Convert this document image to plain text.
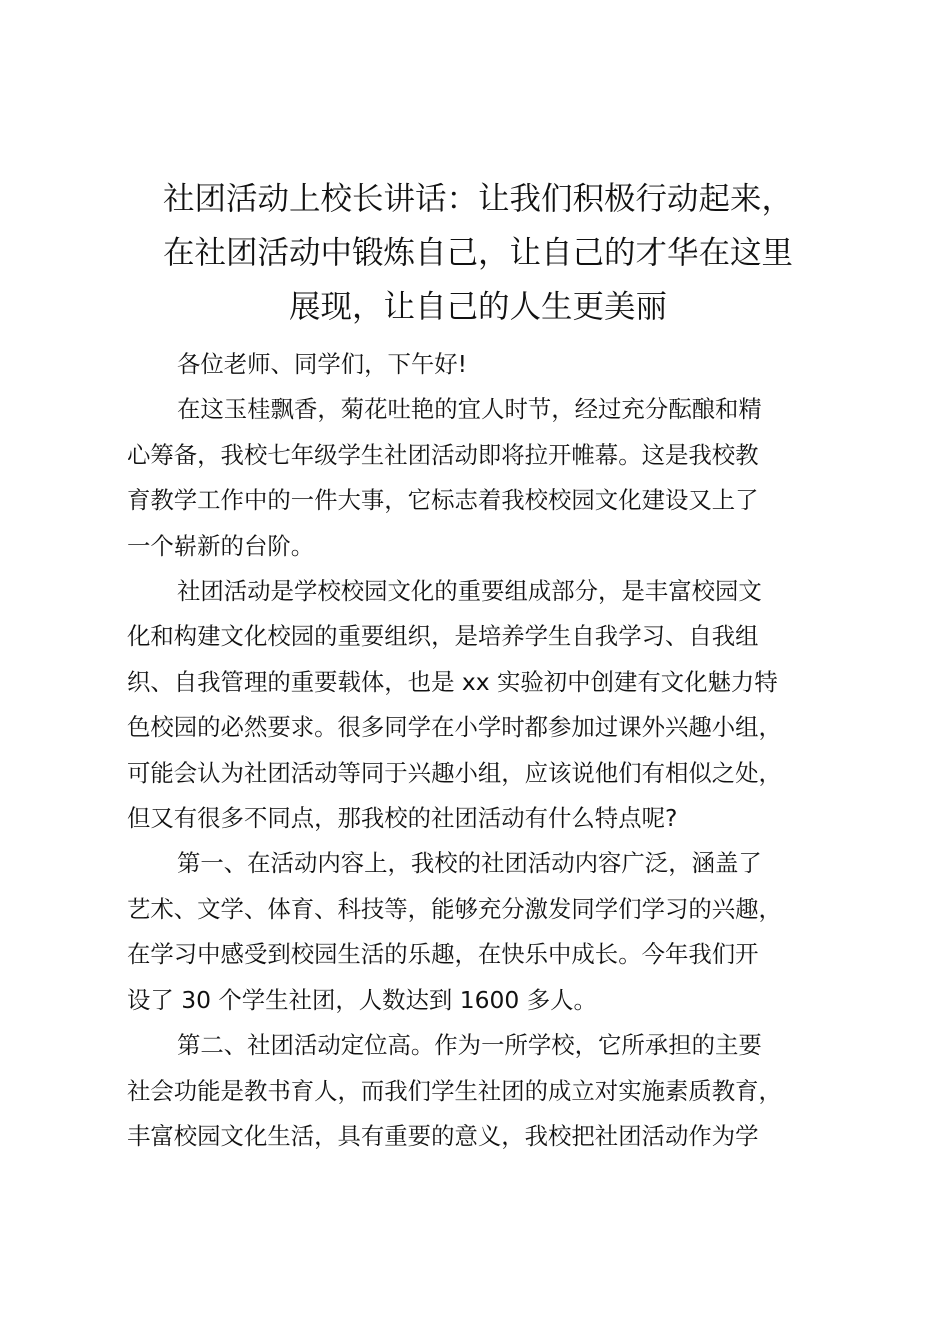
社团活动上校长讲话：让我们积极行动起来，
在社团活动中锻炼自己，让自己的才华在这里
展现，让自己的人生更美丽

各位老师、同学们，下午好!

在这玉桂飘香，菊花吐艳的宜人时节，经过充分酝酿和精
心筹备，我校七年级学生社团活动即将拉开帷幕。这是我校教
育教学工作中的一件大事，它标志着我校校园文化建设又上了
一个崭新的台阶。

社团活动是学校校园文化的重要组成部分，是丰富校园文
化和构建文化校园的重要组织，是培养学生自我学习、自我组
织、自我管理的重要载体，也是 xx 实验初中创建有文化魅力特
色校园的必然要求。很多同学在小学时都参加过课外兴趣小组，
可能会认为社团活动等同于兴趣小组，应该说他们有相似之处，
但又有很多不同点，那我校的社团活动有什么特点呢?

第一、在活动内容上，我校的社团活动内容广泛，涵盖了
艺术、文学、体育、科技等，能够充分激发同学们学习的兴趣，
在学习中感受到校园生活的乐趣，在快乐中成长。今年我们开
设了 30 个学生社团，人数达到 1600 多人。

第二、社团活动定位高。作为一所学校，它所承担的主要
社会功能是教书育人，而我们学生社团的成立对实施素质教育，
丰富校园文化生活，具有重要的意义，我校把社团活动作为学
